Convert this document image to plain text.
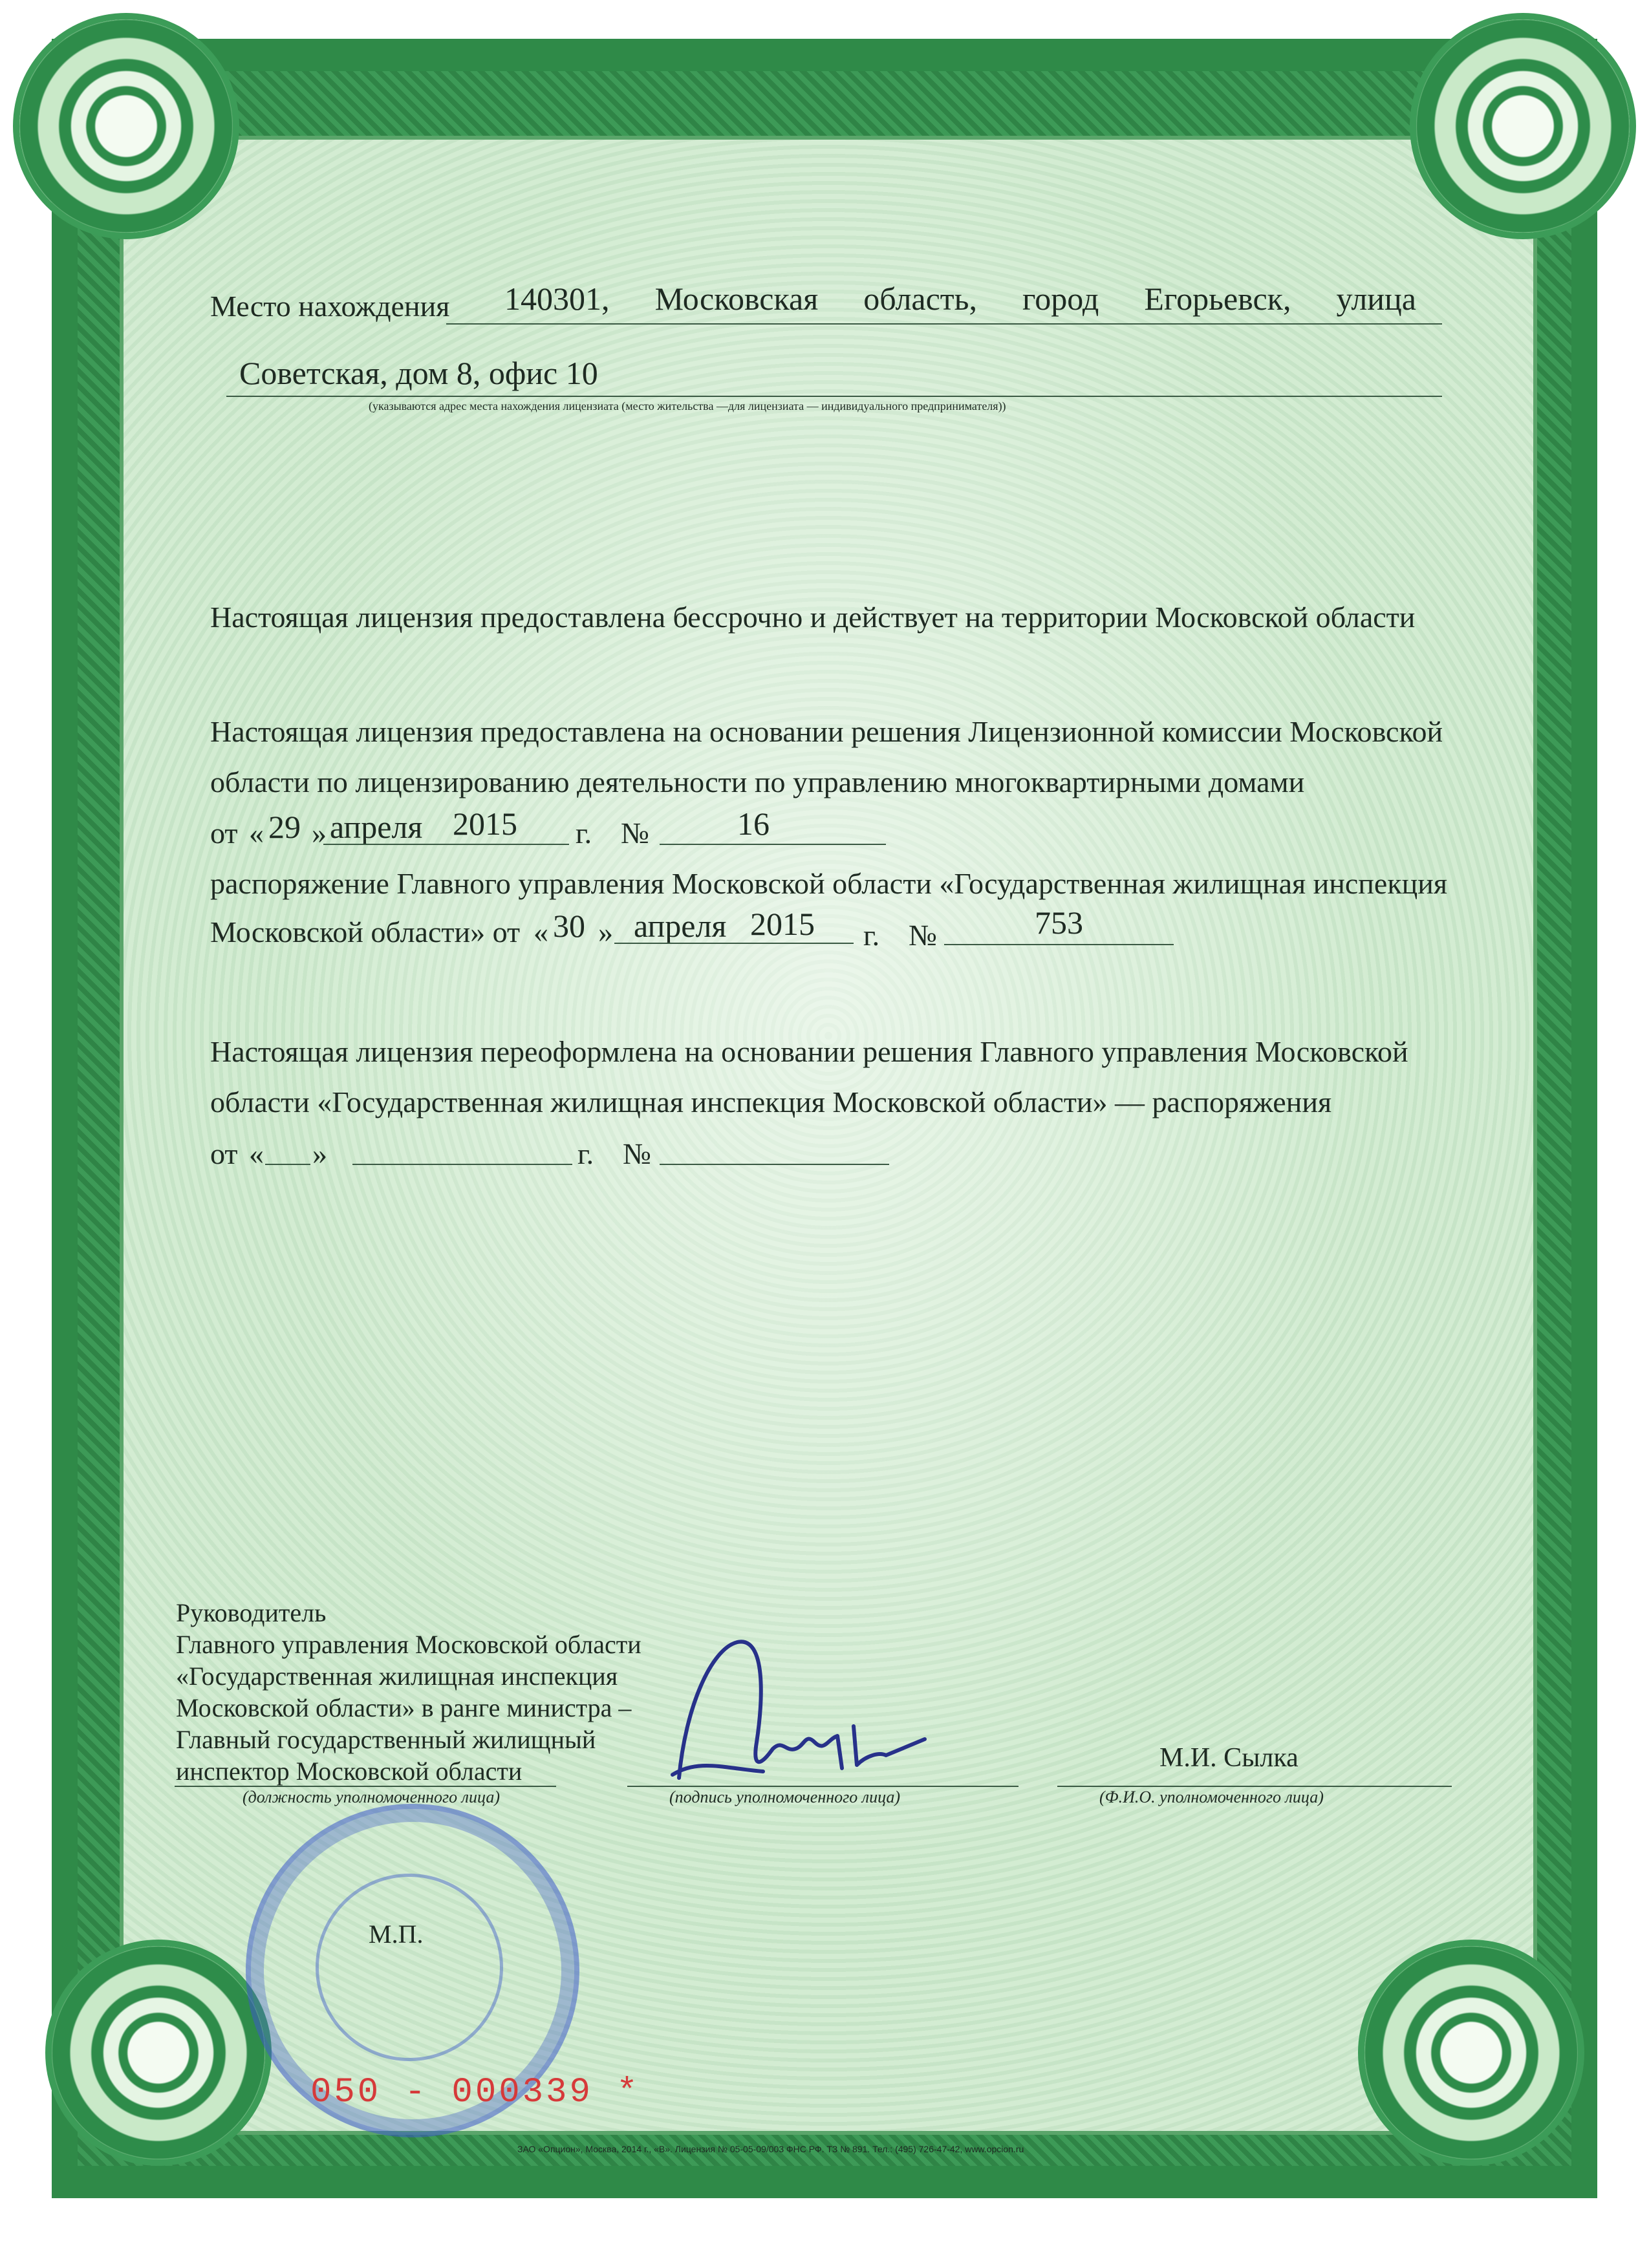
Место нахождения 140301, Московская область, город Егорьевск, улица
Советская, дом 8, офис 10
(указываются адрес места нахождения лицензиата (место жительства —для лицензиата — индивидуального предпринимателя))
Настоящая лицензия предоставлена бессрочно и действует на территории Московской области
Настоящая лицензия предоставлена на основании решения Лицензионной комиссии Московской
области по лицензированию деятельности по управлению многоквартирными домами
от « 29 » апреля 2015 г. №	16
распоряжение Главного управления Московской области «Государственная жилищная инспекция
Московской области» от « 30 » апреля 2015 г. №	753
Настоящая лицензия переоформлена на основании решения Главного управления Московской
области «Государственная жилищная инспекция Московской области» — распоряжения
от « »	г. №
Руководитель
Главного управления Московской области
«Государственная жилищная инспекция
Московской области» в ранге министра –
Главный государственный жилищный
инспектор Московской области
(должность уполномоченного лица)	(подпись уполномоченного лица)
М.И. Сылка
(Ф.И.О. уполномоченного лица)
М.П.
050 - 000339 *
ЗАО «Опцион», Москва, 2014 г., «В». Лицензия № 05-05-09/003 ФНС РФ. ТЗ № 891. Тел.: (495) 726-47-42, www.opcion.ru
